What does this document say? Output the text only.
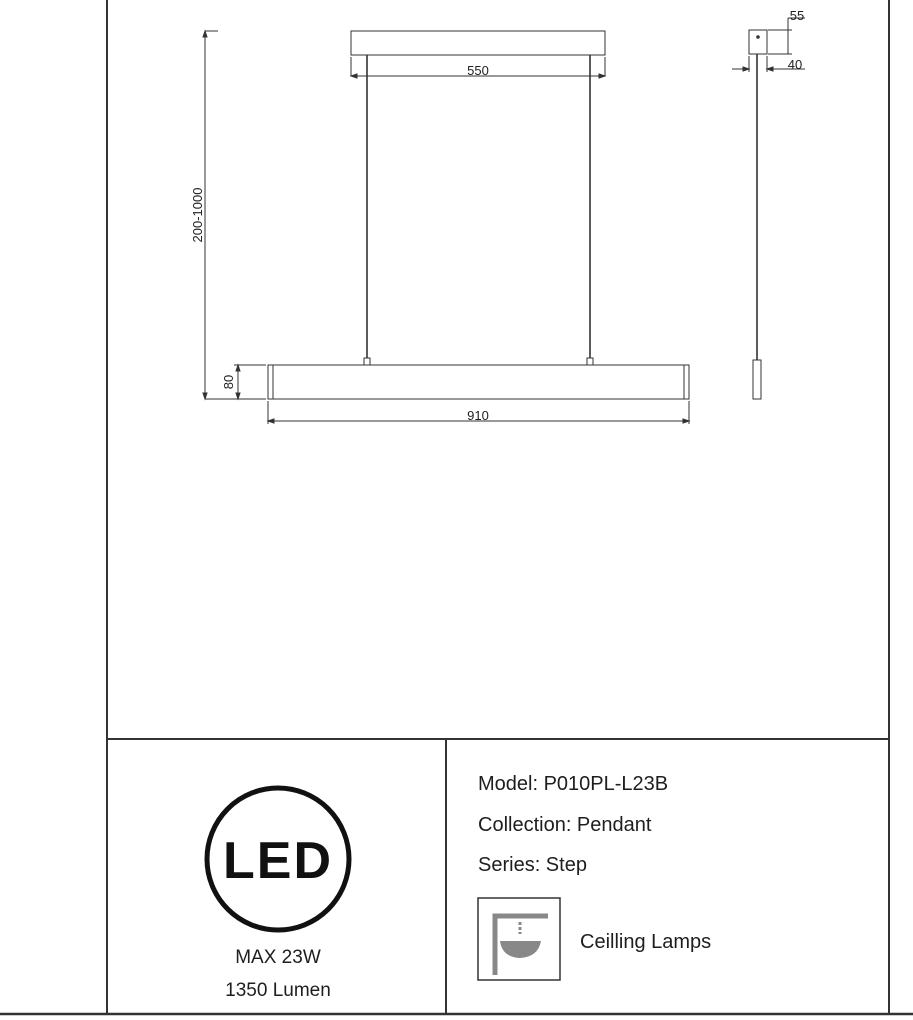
550
910
200-1000
80
55
40
LED
MAX 23W
1350 Lumen
Model: P010PL-L23B
Collection: Pendant
Series: Step
Ceilling Lamps
